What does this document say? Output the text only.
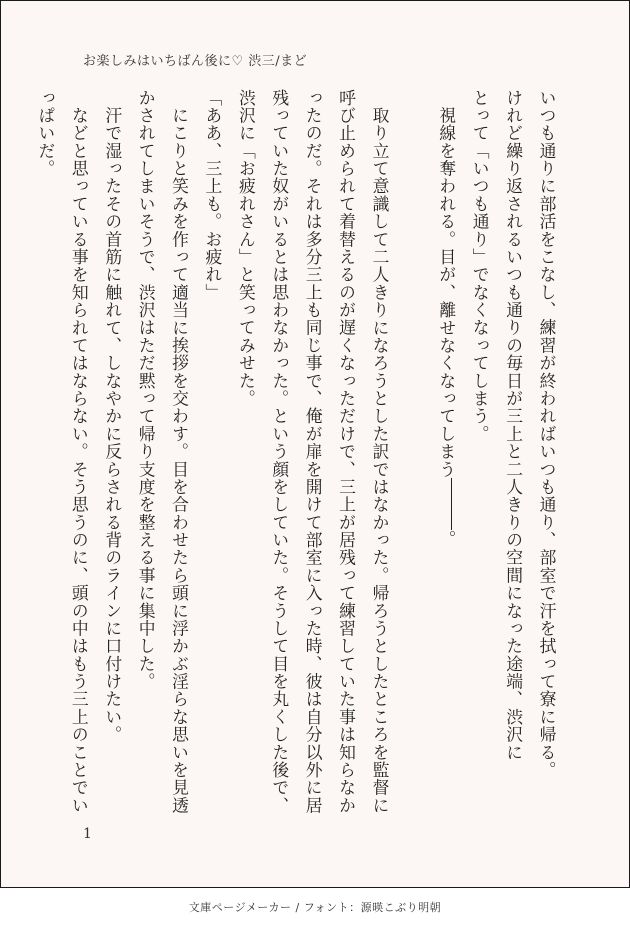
お楽しみはいちばん後に♡ 渋三/まど

いつも通りに部活をこなし、練習が終わればいつも通り、部室で汗を拭って寮に帰る。

けれど繰り返されるいつも通りの毎日が三上と二人きりの空間になった途端、渋沢に

とって「いつも通り」でなくなってしまう。

　視線を奪われる。目が、離せなくなってしまう。

　取り立て意識して二人きりになろうとした訳ではなかった。帰ろうとしたところを監督に呼び止められて着替えるのが遅くなっただけで、三上が居残って練習していた事は知らなかったのだ。それは多分三上も同じ事で、俺が扉を開けて部室に入った時、彼は自分以外に居残っていた奴がいるとは思わなかった。という顔をしていた。そうして目を丸くした後で、渋沢に「お疲れさん」と笑ってみせた。

「ああ、三上も。お疲れ」

　にこりと笑みを作って適当に挨拶を交わす。目を合わせたら頭に浮かぶ淫らな思いを見透かされてしまいそうで、渋沢はただ黙って帰り支度を整える事に集中した。

　汗で湿ったその首筋に触れて、しなやかに反らされる背のラインに口付けたい。

　などと思っている事を知られてはならない。そう思うのに、頭の中はもう三上のことでいっぱいだ。

1
文庫ページメーカー / フォント：源暎こぶり明朝
